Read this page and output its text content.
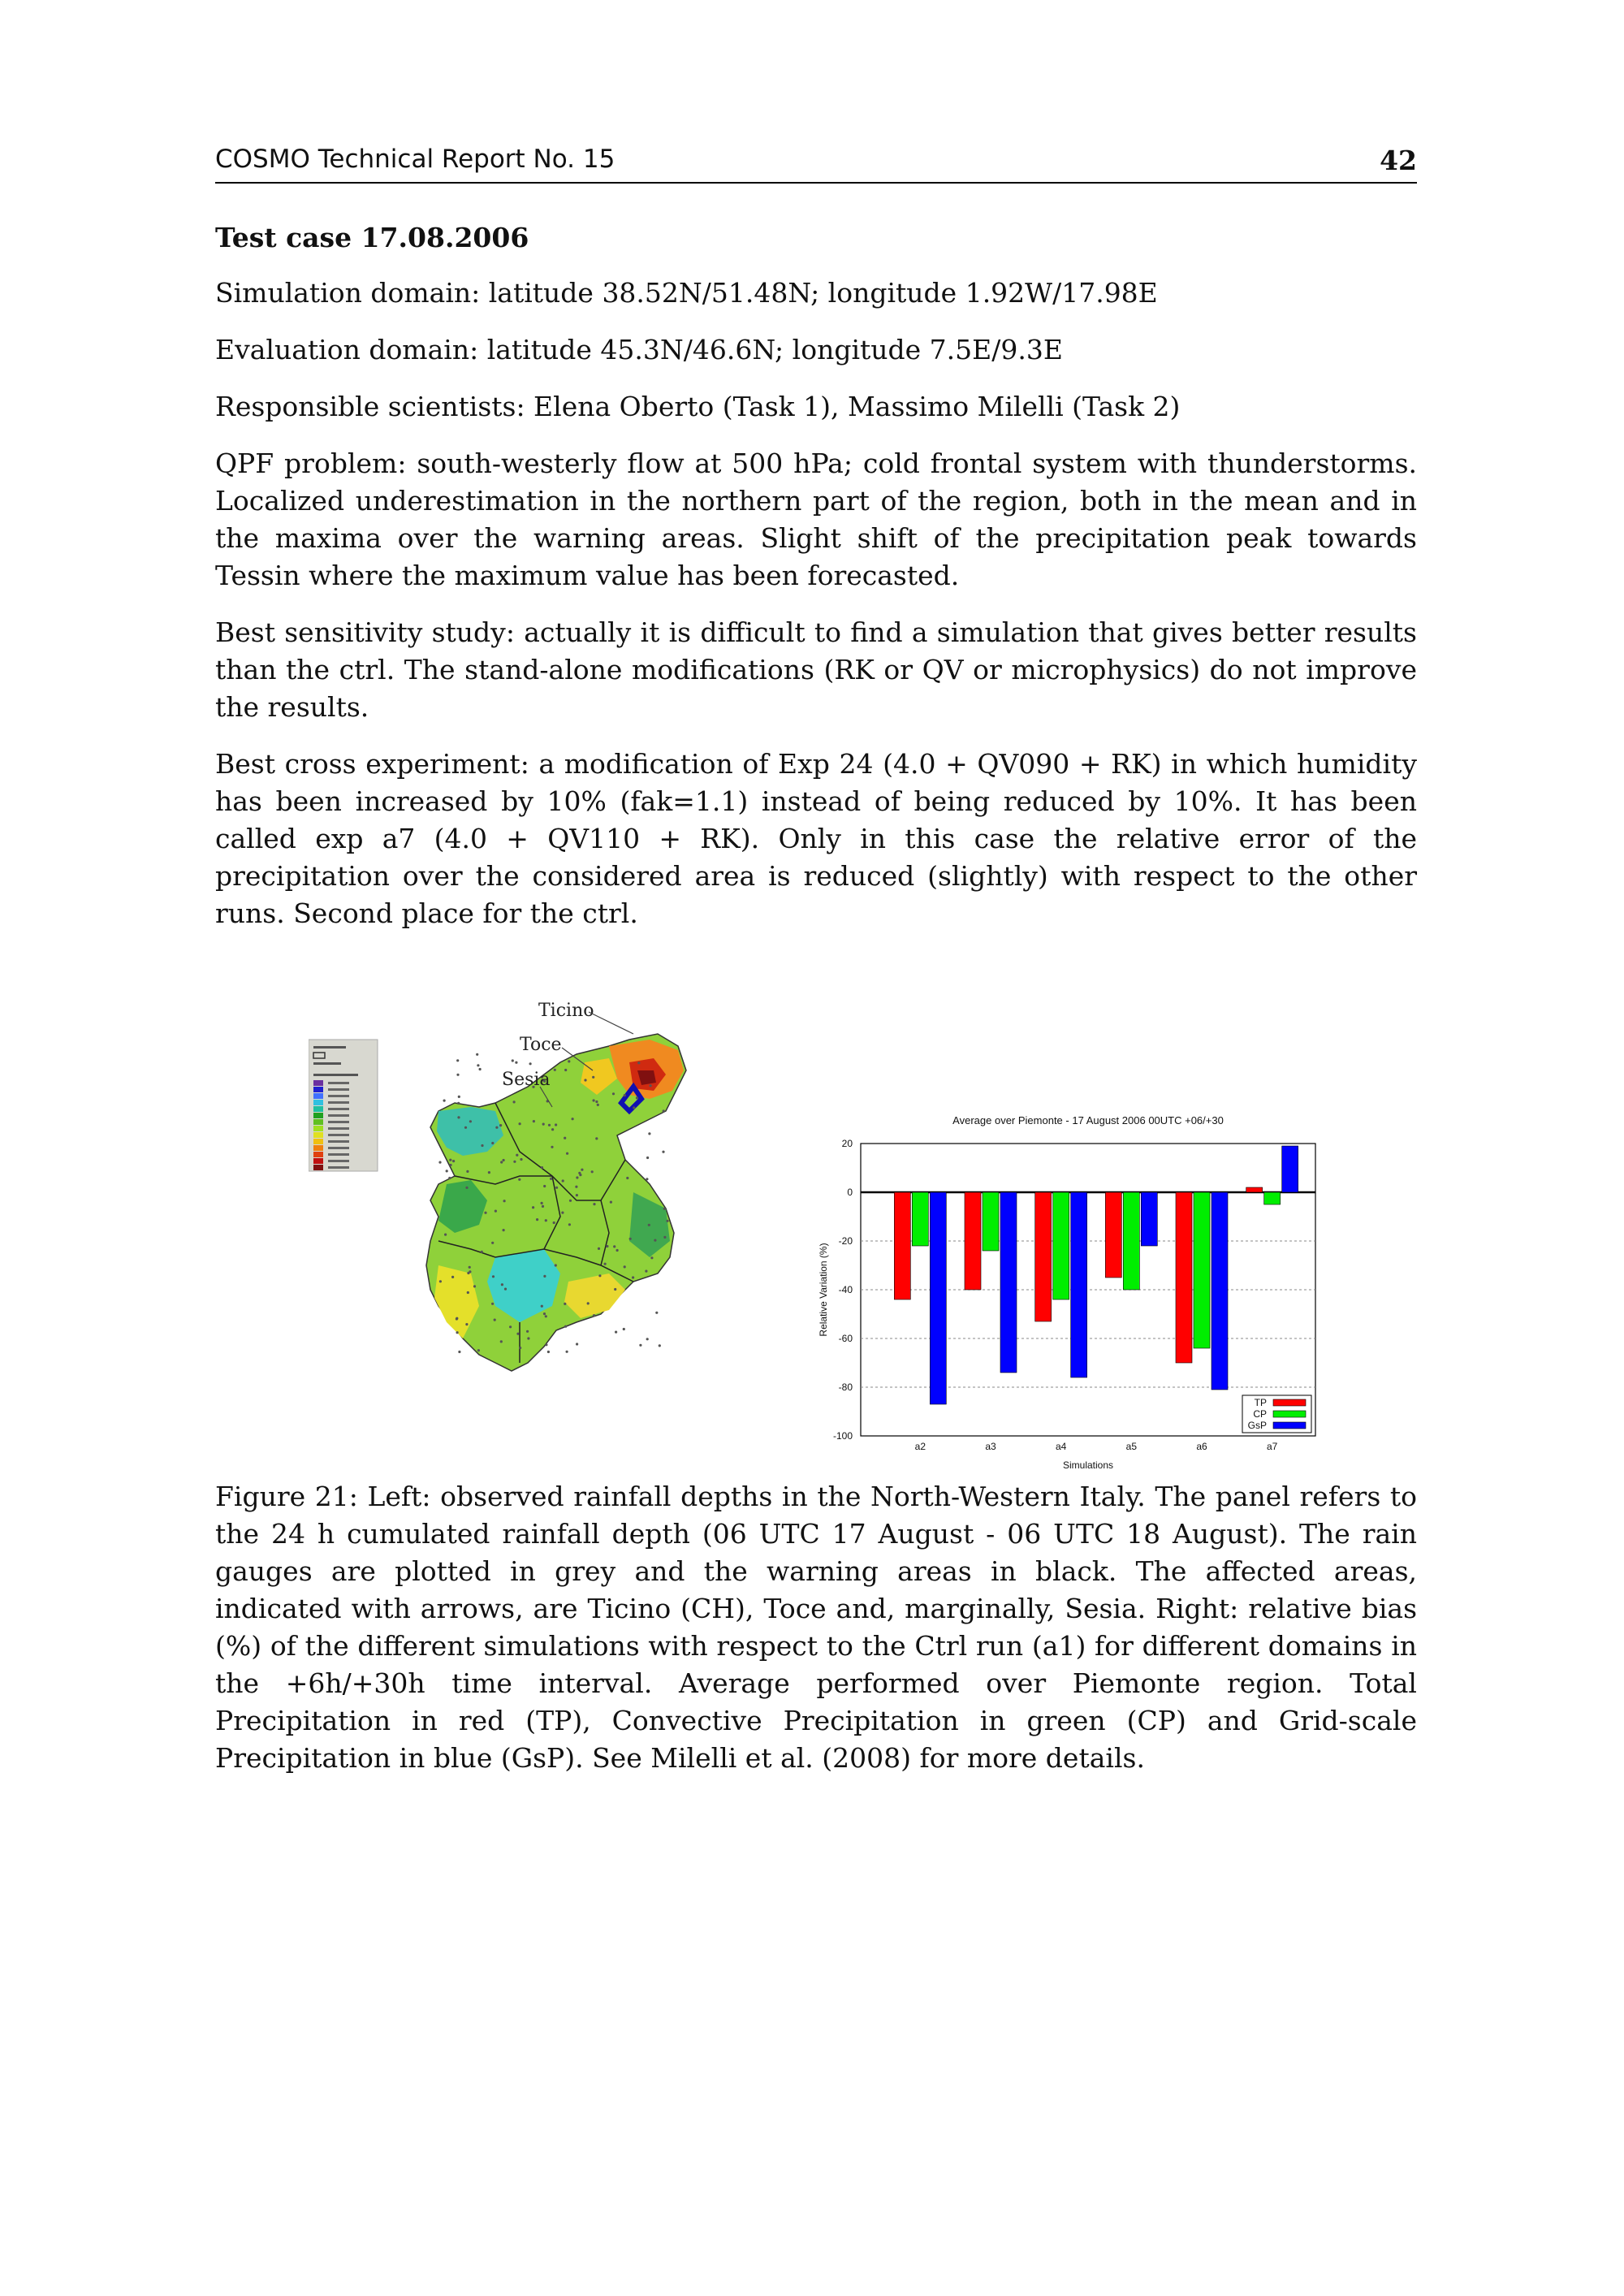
COSMO Technical Report No. 15	42
Test case 17.08.2006

Simulation domain: latitude 38.52N/51.48N; longitude 1.92W/17.98E

Evaluation domain: latitude 45.3N/46.6N; longitude 7.5E/9.3E

Responsible scientists: Elena Oberto (Task 1), Massimo Milelli (Task 2)

QPF problem: south-westerly flow at 500 hPa; cold frontal system with thunderstorms. Localized underestimation in the northern part of the region, both in the mean and in the maxima over the warning areas. Slight shift of the precipitation peak towards Tessin where the maximum value has been forecasted.

Best sensitivity study: actually it is difficult to find a simulation that gives better results than the ctrl. The stand-alone modifications (RK or QV or microphysics) do not improve the results.

Best cross experiment: a modification of Exp 24 (4.0 + QV090 + RK) in which humidity has been increased by 10% (fak=1.1) instead of being reduced by 10%. It has been called exp a7 (4.0 + QV110 + RK). Only in this case the relative error of the precipitation over the considered area is reduced (slightly) with respect to the other runs. Second place for the ctrl.

Ticino
Toce
Sesia
Average over Piemonte - 17 August 2006 00UTC +06/+30
20
0
-20
-40
-60
-80
-100
Relative Variation (%)
a2	a3	a4	a5	a6	a7
Simulations
TP
CP
GsP
Figure 21: Left: observed rainfall depths in the North-Western Italy. The panel refers to the 24 h cumulated rainfall depth (06 UTC 17 August - 06 UTC 18 August). The rain gauges are plotted in grey and the warning areas in black. The affected areas, indicated with arrows, are Ticino (CH), Toce and, marginally, Sesia. Right: relative bias (%) of the different simulations with respect to the Ctrl run (a1) for different domains in the +6h/+30h time interval. Average performed over Piemonte region. Total Precipitation in red (TP), Convective Precipitation in green (CP) and Grid-scale Precipitation in blue (GsP). See Milelli et al. (2008) for more details.
